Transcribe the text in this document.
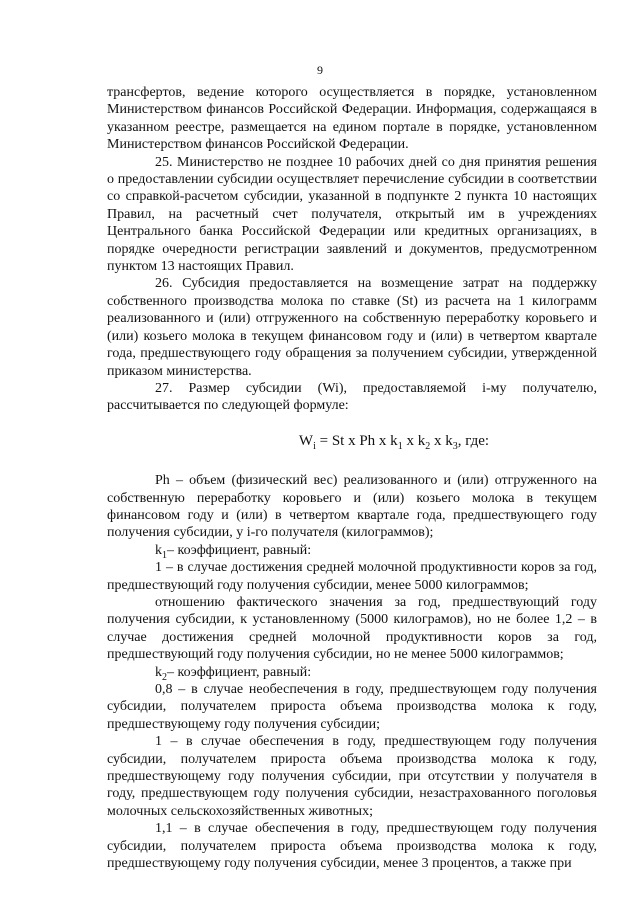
9

трансфертов, ведение которого осуществляется в порядке, установленном Министерством финансов Российской Федерации. Информация, содержащаяся в указанном реестре, размещается на едином портале в порядке, установленном Министерством финансов Российской Федерации.

25. Министерство не позднее 10 рабочих дней со дня принятия решения о предоставлении субсидии осуществляет перечисление субсидии в соответствии со справкой-расчетом субсидии, указанной в подпункте 2 пункта 10 настоящих Правил, на расчетный счет получателя, открытый им в учреждениях Центрального банка Российской Федерации или кредитных организациях, в порядке очередности регистрации заявлений и документов, предусмотренном пунктом 13 настоящих Правил.

26. Субсидия предоставляется на возмещение затрат на поддержку собственного производства молока по ставке (St) из расчета на 1 килограмм реализованного и (или) отгруженного на собственную переработку коровьего и (или) козьего молока в текущем финансовом году и (или) в четвертом квартале года, предшествующего году обращения за получением субсидии, утвержденной приказом министерства.

27. Размер субсидии (Wi), предоставляемой i-му получателю, рассчитывается по следующей формуле:

$W_i = St$ x Ph x $k_1$ x $k_2$ x $k_3$, где:

Ph – объем (физический вес) реализованного и (или) отгруженного на собственную переработку коровьего и (или) козьего молока в текущем финансовом году и (или) в четвертом квартале года, предшествующего году получения субсидии, у i-го получателя (килограммов);

$k_1-$ коэффициент, равный:

1 – в случае достижения средней молочной продуктивности коров за год, предшествующий году получения субсидии, менее 5000 килограммов;

отношению фактического значения за год, предшествующий году получения субсидии, к установленному (5000 килограмов), но не более 1,2 – в случае достижения средней молочной продуктивности коров за год, предшествующий году получения субсидии, но не менее 5000 килограммов;

$k_2-$ коэффициент, равный:

0,8 – в случае необеспечения в году, предшествующем году получения субсидии, получателем прироста объема производства молока к году, предшествующему году получения субсидии;

1 – в случае обеспечения в году, предшествующем году получения субсидии, получателем прироста объема производства молока к году, предшествующему году получения субсидии, при отсутствии у получателя в году, предшествующем году получения субсидии, незастрахованного поголовья молочных сельскохозяйственных животных;

1,1 – в случае обеспечения в году, предшествующем году получения субсидии, получателем прироста объема производства молока к году, предшествующему году получения субсидии, менее 3 процентов, а также при
